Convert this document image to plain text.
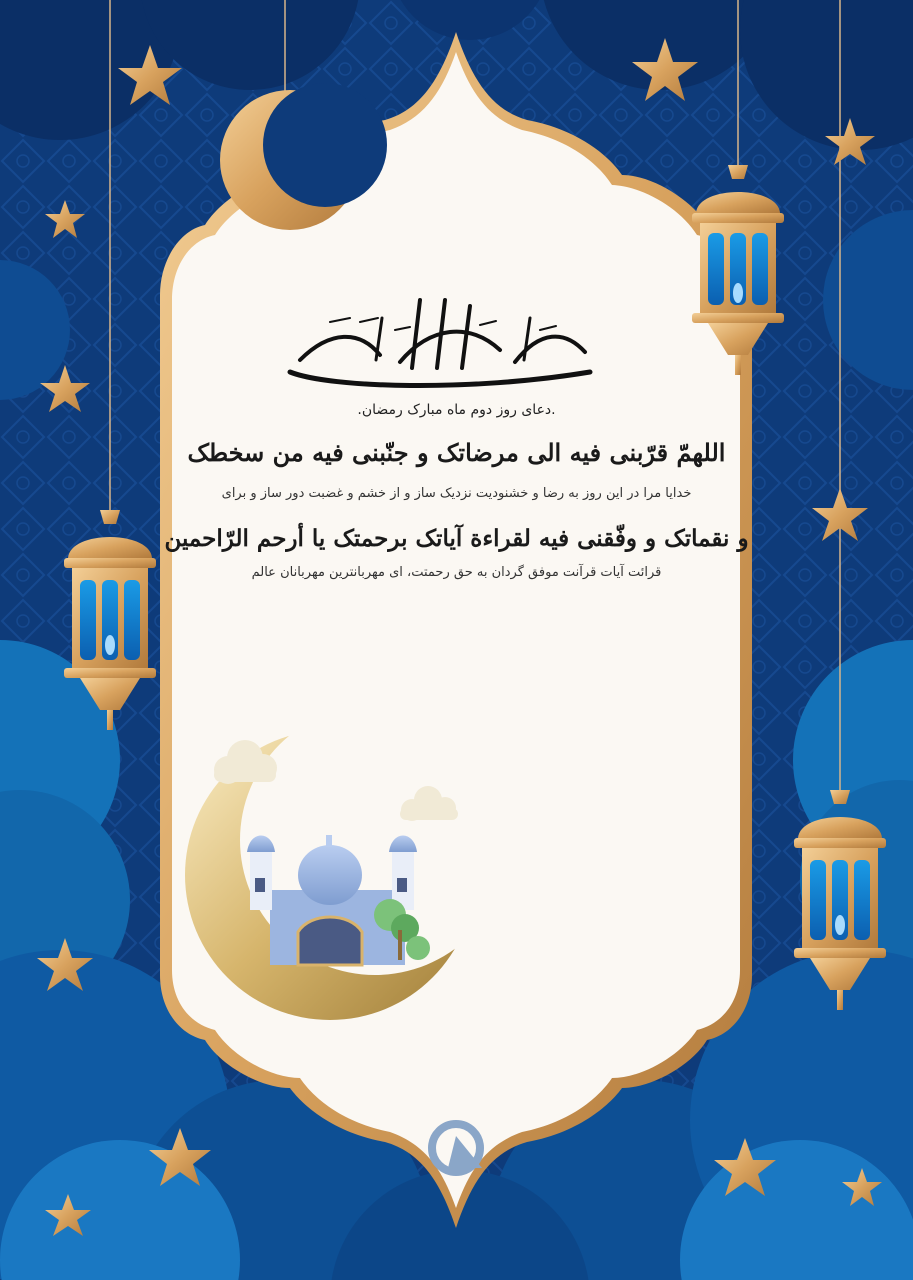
.دعای روز دوم ماه مبارک رمضان.
اللهمّ قرّبنی فیه الی مرضاتک و جنّبنی فیه من سخطک
خدایا مرا در این روز به رضا و خشنودیت نزدیک ساز و از خشم و غضبت دور ساز و برای
و نقماتک و وفّقنی فیه لقراءة آیاتک برحمتک یا أرحم الرّاحمین
قرائت آیات قرآنت موفق گردان به حق رحمتت، ای مهربانترین مهربانان عالم
